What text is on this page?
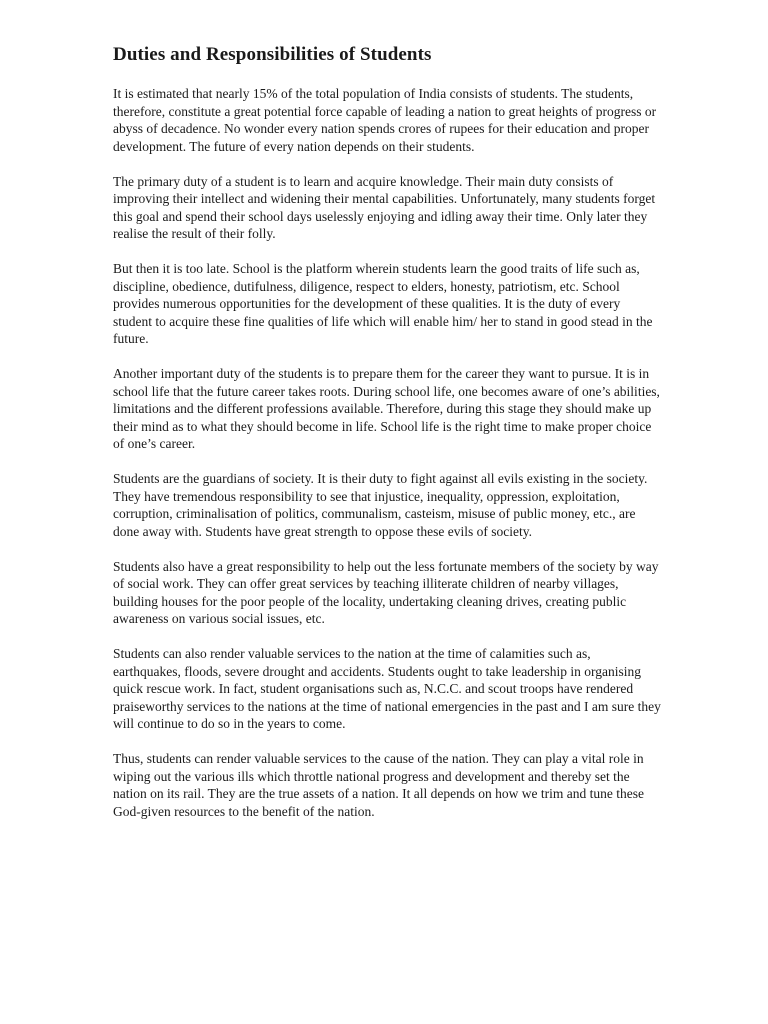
Duties and Responsibilities of Students

It is estimated that nearly 15% of the total population of India consists of students. The students, therefore, constitute a great potential force capable of leading a nation to great heights of progress or abyss of decadence. No wonder every nation spends crores of rupees for their education and proper development. The future of every nation depends on their students.

The primary duty of a student is to learn and acquire knowledge. Their main duty consists of improving their intellect and widening their mental capabilities. Unfortunately, many students forget this goal and spend their school days uselessly enjoying and idling away their time. Only later they realise the result of their folly.

But then it is too late. School is the platform wherein students learn the good traits of life such as, discipline, obedience, dutifulness, diligence, respect to elders, honesty, patriotism, etc. School provides numerous opportunities for the development of these qualities. It is the duty of every student to acquire these fine qualities of life which will enable him/ her to stand in good stead in the future.

Another important duty of the students is to prepare them for the career they want to pursue. It is in school life that the future career takes roots. During school life, one becomes aware of one’s abilities, limitations and the different professions available. Therefore, during this stage they should make up their mind as to what they should become in life. School life is the right time to make proper choice of one’s career.

Students are the guardians of society. It is their duty to fight against all evils existing in the society. They have tremendous responsibility to see that injustice, inequality, oppression, exploitation, corruption, criminalisation of politics, communalism, casteism, misuse of public money, etc., are done away with. Students have great strength to oppose these evils of society.

Students also have a great responsibility to help out the less fortunate members of the society by way of social work. They can offer great services by teaching illiterate children of nearby villages, building houses for the poor people of the locality, undertaking cleaning drives, creating public awareness on various social issues, etc.

Students can also render valuable services to the nation at the time of calamities such as, earthquakes, floods, severe drought and accidents. Students ought to take leadership in organising quick rescue work. In fact, student organisations such as, N.C.C. and scout troops have rendered praiseworthy services to the nations at the time of national emergencies in the past and I am sure they will continue to do so in the years to come.

Thus, students can render valuable services to the cause of the nation. They can play a vital role in wiping out the various ills which throttle national progress and development and thereby set the nation on its rail. They are the true assets of a nation. It all depends on how we trim and tune these God-given resources to the benefit of the nation.
